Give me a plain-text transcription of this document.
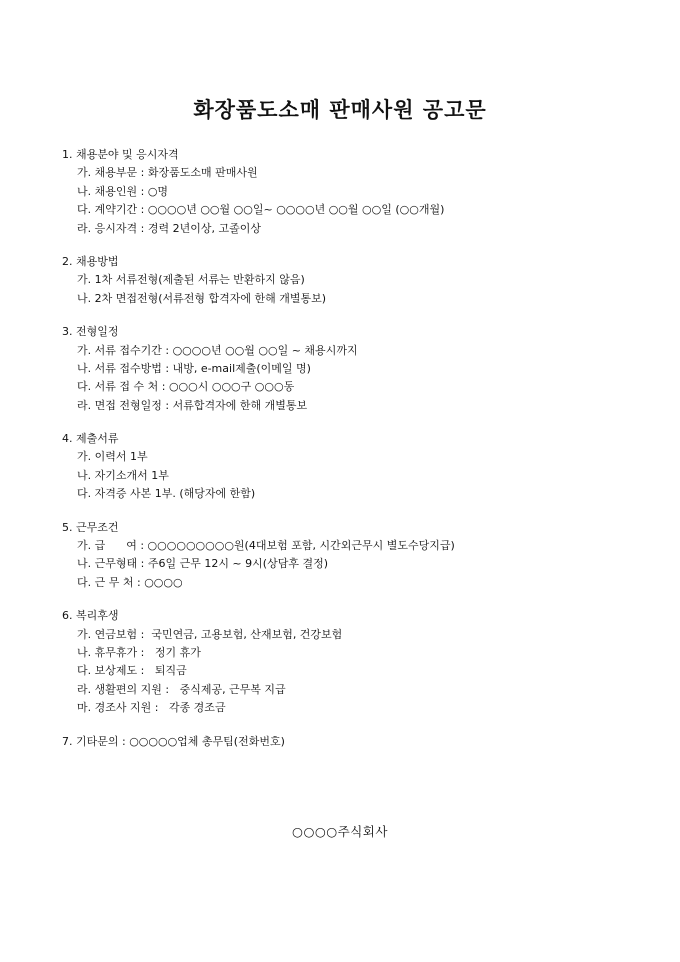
화장품도소매 판매사원 공고문
1. 채용분야 및 응시자격
가. 채용부문 : 화장품도소매 판매사원
나. 채용인원 : ○명
다. 계약기간 : ○○○○년 ○○월 ○○일~ ○○○○년 ○○월 ○○일 (○○개월)
라. 응시자격 : 경력 2년이상, 고졸이상
2. 채용방법
가. 1차 서류전형(제출된 서류는 반환하지 않음)
나. 2차 면접전형(서류전형 합격자에 한해 개별통보)
3. 전형일정
가. 서류 접수기간 : ○○○○년 ○○월 ○○일 ~ 채용시까지
나. 서류 접수방법 : 내방, e-mail제출(이메일 명)
다. 서류 접 수 처 : ○○○시 ○○○구 ○○○동
라. 면접 전형일정 : 서류합격자에 한해 개별통보
4. 제출서류
가. 이력서 1부
나. 자기소개서 1부
다. 자격증 사본 1부. (해당자에 한함)
5. 근무조건
가. 급      여 : ○○○○○○○○○원(4대보험 포함, 시간외근무시 별도수당지급)
나. 근무형태 : 주6일 근무 12시 ~ 9시(상담후 결정)
다. 근 무 처 : ○○○○
6. 복리후생
가. 연금보험 :  국민연금, 고용보험, 산재보험, 건강보험
나. 휴무휴가 :   정기 휴가
다. 보상제도 :   퇴직금
라. 생활편의 지원 :   중식제공, 근무복 지급
마. 경조사 지원 :   각종 경조금
7. 기타문의 : ○○○○○업체 총무팀(전화번호)
○○○○주식회사
